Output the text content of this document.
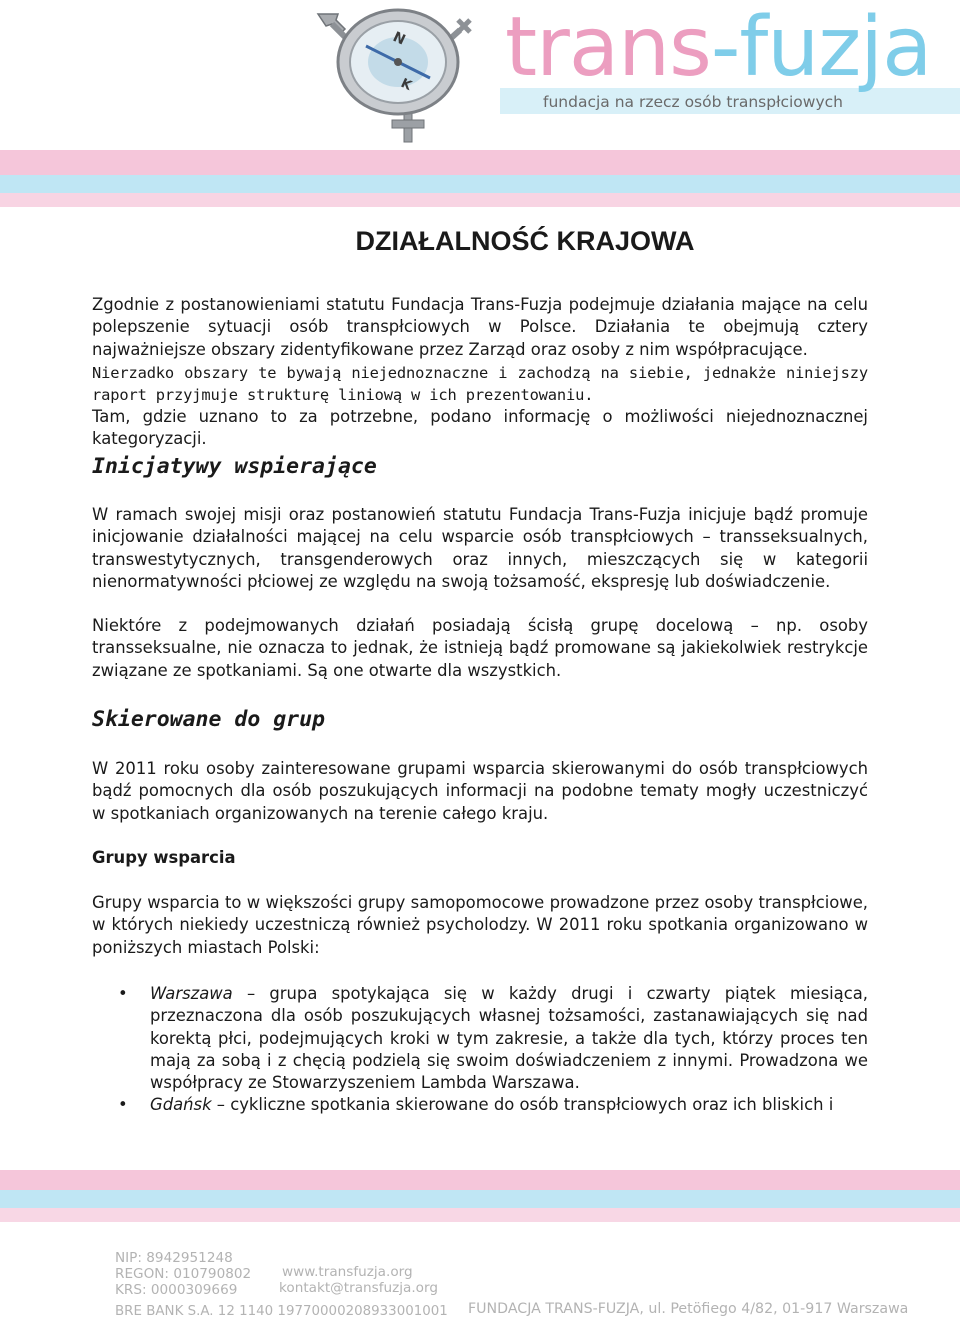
N
K trans-fuzja
fundacja na rzecz osób transpłciowych
DZIAŁALNOŚĆ KRAJOWA

Zgodnie z postanowieniami statutu Fundacja Trans-Fuzja podejmuje działania mające na celu polepszenie sytuacji osób transpłciowych w Polsce. Działania te obejmują cztery najważniejsze obszary zidentyfikowane przez Zarząd oraz osoby z nim współpracujące.

Nierzadko obszary te bywają niejednoznaczne i zachodzą na siebie, jednakże niniejszy raport przyjmuje strukturę liniową w ich prezentowaniu.

Tam, gdzie uznano to za potrzebne, podano informację o możliwości niejednoznacznej kategoryzacji.

Inicjatywy wspierające

W ramach swojej misji oraz postanowień statutu Fundacja Trans-Fuzja inicjuje bądź promuje inicjowanie działalności mającej na celu wsparcie osób transpłciowych – transseksualnych, transwestytycznych, transgenderowych oraz innych, mieszczących się w kategorii nienormatywności płciowej ze względu na swoją tożsamość, ekspresję lub doświadczenie.

Niektóre z podejmowanych działań posiadają ścisłą grupę docelową – np. osoby transseksualne, nie oznacza to jednak, że istnieją bądź promowane są jakiekolwiek restrykcje związane ze spotkaniami. Są one otwarte dla wszystkich.

Skierowane do grup

W 2011 roku osoby zainteresowane grupami wsparcia skierowanymi do osób transpłciowych bądź pomocnych dla osób poszukujących informacji na podobne tematy mogły uczestniczyć w spotkaniach organizowanych na terenie całego kraju.

Grupy wsparcia

Grupy wsparcia to w większości grupy samopomocowe prowadzone przez osoby transpłciowe, w których niekiedy uczestniczą również psycholodzy. W 2011 roku spotkania organizowano w poniższych miastach Polski:

• Warszawa – grupa spotykająca się w każdy drugi i czwarty piątek miesiąca, przeznaczona dla osób poszukujących własnej tożsamości, zastanawiających się nad korektą płci, podejmujących kroki w tym zakresie, a także dla tych, którzy proces ten mają za sobą i z chęcią podzielą się swoim doświadczeniem z innymi. Prowadzona we współpracy ze Stowarzyszeniem Lambda Warszawa.
• Gdańsk – cykliczne spotkania skierowane do osób transpłciowych oraz ich bliskich i
NIP: 8942951248
REGON: 010790802
KRS: 0000309669
www.transfuzja.org
kontakt@transfuzja.org
BRE BANK S.A. 12 1140 1977000020893300100​1 FUNDACJA TRANS-FUZJA, ul. Petöfiego 4/82, 01-917 Warszawa
